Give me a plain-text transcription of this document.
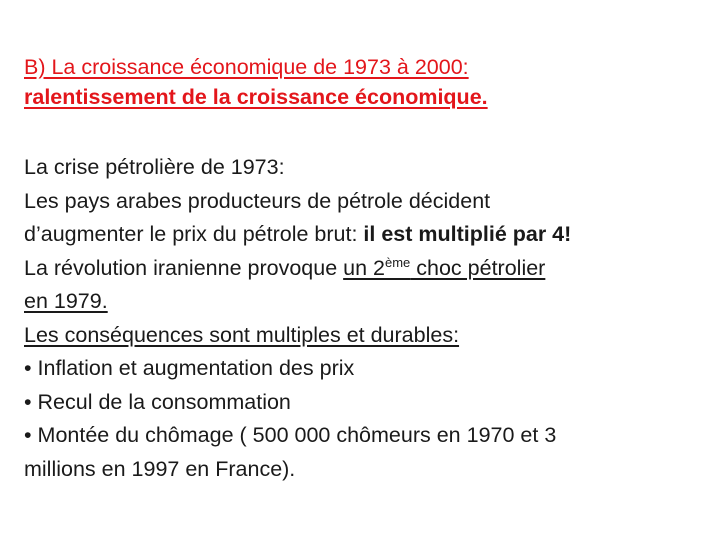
B) La croissance économique de 1973 à 2000:
ralentissement de la croissance économique.
La crise pétrolière de 1973:
Les pays arabes producteurs de pétrole décident
d’augmenter le prix du pétrole brut: il est multiplié par 4!
La révolution iranienne provoque un 2ème choc pétrolier
en 1979.
Les conséquences sont multiples et durables:
• Inflation et augmentation des prix
• Recul de la consommation
• Montée du chômage ( 500 000 chômeurs en 1970 et 3
millions en 1997 en France).
